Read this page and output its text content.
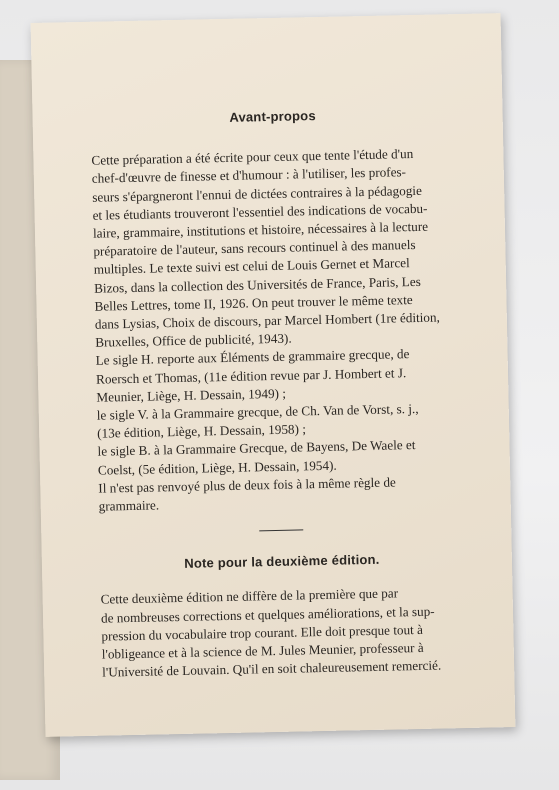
Avant-propos

Cette préparation a été écrite pour ceux que tente l'étude d'un
chef-d'œuvre de finesse et d'humour : à l'utiliser, les profes-
seurs s'épargneront l'ennui de dictées contraires à la pédagogie
et les étudiants trouveront l'essentiel des indications de vocabu-
laire, grammaire, institutions et histoire, nécessaires à la lecture
préparatoire de l'auteur, sans recours continuel à des manuels
multiples. Le texte suivi est celui de Louis Gernet et Marcel
Bizos, dans la collection des Universités de France, Paris, Les
Belles Lettres, tome II, 1926. On peut trouver le même texte
dans Lysias, Choix de discours, par Marcel Hombert (1re édition,
Bruxelles, Office de publicité, 1943).

Le sigle H. reporte aux Éléments de grammaire grecque, de
Roersch et Thomas, (11e édition revue par J. Hombert et J.
Meunier, Liège, H. Dessain, 1949) ;
le sigle V. à la Grammaire grecque, de Ch. Van de Vorst, s. j.,
(13e édition, Liège, H. Dessain, 1958) ;
le sigle B. à la Grammaire Grecque, de Bayens, De Waele et
Coelst, (5e édition, Liège, H. Dessain, 1954).

Il n'est pas renvoyé plus de deux fois à la même règle de
grammaire.

Note pour la deuxième édition.

Cette deuxième édition ne diffère de la première que par
de nombreuses corrections et quelques améliorations, et la sup-
pression du vocabulaire trop courant. Elle doit presque tout à
l'obligeance et à la science de M. Jules Meunier, professeur à
l'Université de Louvain. Qu'il en soit chaleureusement remercié.
